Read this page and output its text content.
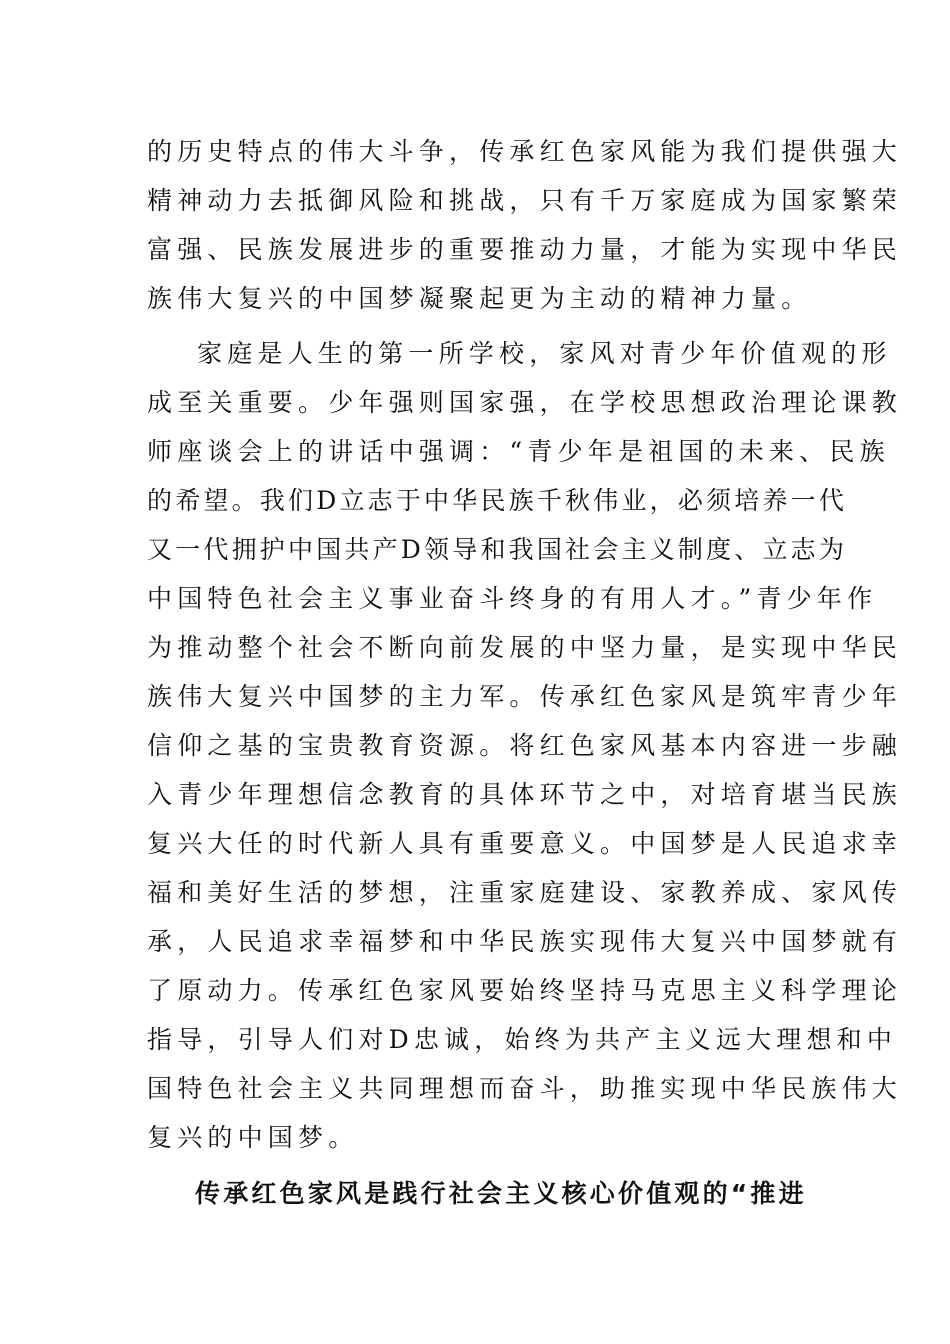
的历史特点的伟大斗争，传承红色家风能为我们提供强大
精神动力去抵御风险和挑战，只有千万家庭成为国家繁荣
富强、民族发展进步的重要推动力量，才能为实现中华民
族伟大复兴的中国梦凝聚起更为主动的精神力量。
家庭是人生的第一所学校，家风对青少年价值观的形
成至关重要。少年强则国家强，在学校思想政治理论课教
师座谈会上的讲话中强调：“青少年是祖国的未来、民族
的希望。我们D立志于中华民族千秋伟业，必须培养一代
又一代拥护中国共产D领导和我国社会主义制度、立志为
中国特色社会主义事业奋斗终身的有用人才。”青少年作
为推动整个社会不断向前发展的中坚力量，是实现中华民
族伟大复兴中国梦的主力军。传承红色家风是筑牢青少年
信仰之基的宝贵教育资源。将红色家风基本内容进一步融
入青少年理想信念教育的具体环节之中，对培育堪当民族
复兴大任的时代新人具有重要意义。中国梦是人民追求幸
福和美好生活的梦想，注重家庭建设、家教养成、家风传
承，人民追求幸福梦和中华民族实现伟大复兴中国梦就有
了原动力。传承红色家风要始终坚持马克思主义科学理论
指导，引导人们对D忠诚，始终为共产主义远大理想和中
国特色社会主义共同理想而奋斗，助推实现中华民族伟大
复兴的中国梦。
传承红色家风是践行社会主义核心价值观的“推进
